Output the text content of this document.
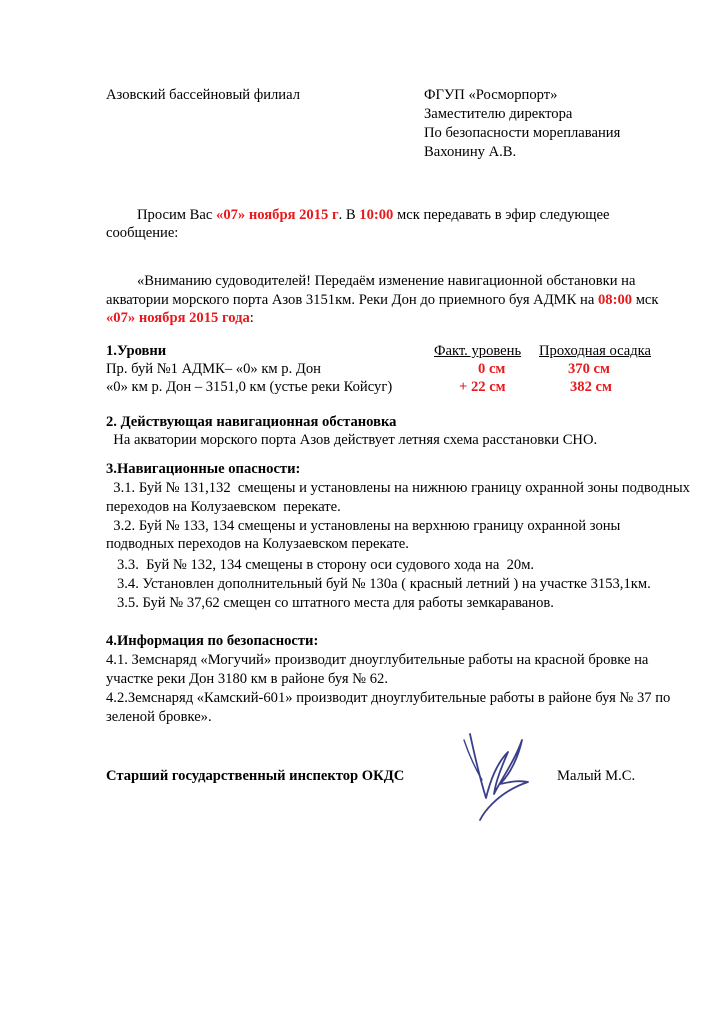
Азовский бассейновый филиал	ФГУП «Росморпорт»
Заместителю директора
По безопасности мореплавания
Вахонину А.В.
Просим Вас «07» ноября 2015 г. В 10:00 мск передавать в эфир следующее
сообщение:
«Вниманию судоводителей! Передаём изменение навигационной обстановки на
акватории морского порта Азов 3151км. Реки Дон до приемного буя АДМК на 08:00 мск
«07» ноября 2015 года:
1.Уровни	Факт. уровень Проходная осадка
Пр. буй №1 АДМК– «0» км р. Дон	0 см	370 см
«0» км р. Дон – 3151,0 км (устье реки Койсуг)	+ 22 см	382 см
2. Действующая навигационная обстановка
На акватории морского порта Азов действует летняя схема расстановки СНО.
3.Навигационные опасности:
3.1. Буй № 131,132  смещены и установлены на нижнюю границу охранной зоны подводных
переходов на Колузаевском  перекате.
3.2. Буй № 133, 134 смещены и установлены на верхнюю границу охранной зоны
подводных переходов на Колузаевском перекате.
3.3.  Буй № 132, 134 смещены в сторону оси судового хода на  20м.
3.4. Установлен дополнительный буй № 130а ( красный летний ) на участке 3153,1км.
3.5. Буй № 37,62 смещен со штатного места для работы земкараванов.
4.Информация по безопасности:
4.1. Земснаряд «Могучий» производит дноуглубительные работы на красной бровке на
участке реки Дон 3180 км в районе буя № 62.
4.2.Земснаряд «Камский-601» производит дноуглубительные работы в районе буя № 37 по
зеленой бровке».
Старший государственный инспектор ОКДС	Малый М.С.
